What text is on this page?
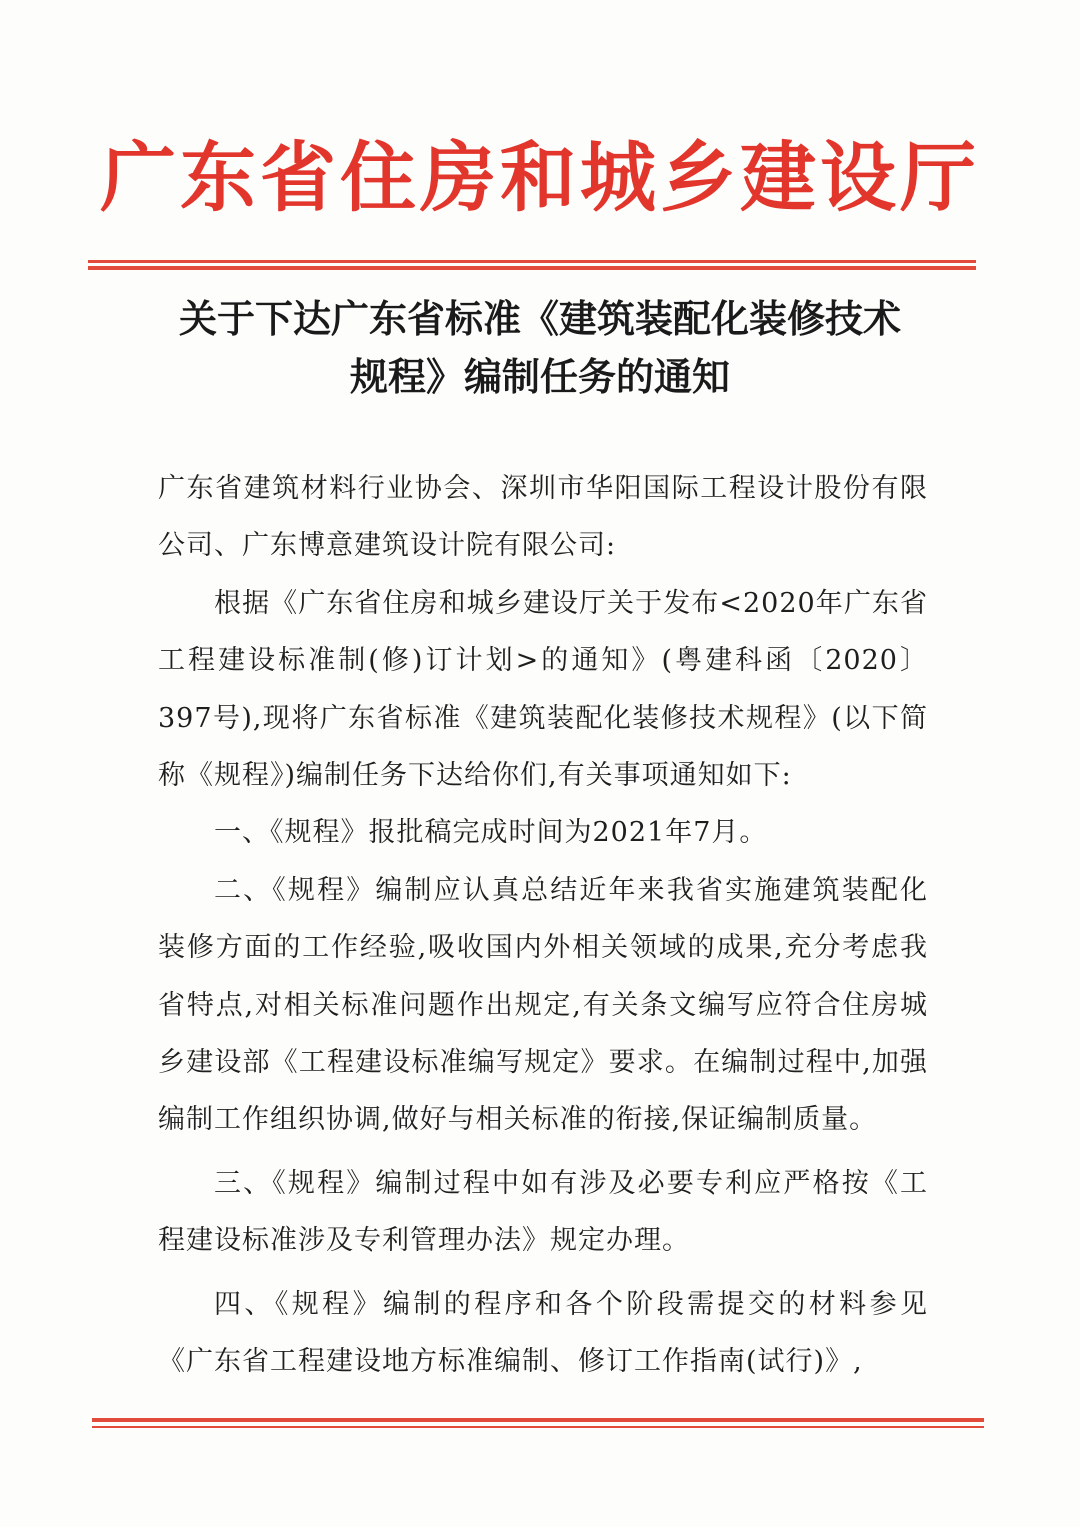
广东省住房和城乡建设厅
关于下达广东省标准《建筑装配化装修技术
规程》编制任务的通知

广东省建筑材料行业协会、深圳市华阳国际工程设计股份有限公司、广东博意建筑设计院有限公司:

根据《广东省住房和城乡建设厅关于发布<2020年广东省工程建设标准制(修)订计划>的通知》(粤建科函〔2020〕397号),现将广东省标准《建筑装配化装修技术规程》(以下简称《规程》)编制任务下达给你们,有关事项通知如下:

一、《规程》报批稿完成时间为2021年7月。

二、《规程》编制应认真总结近年来我省实施建筑装配化装修方面的工作经验,吸收国内外相关领域的成果,充分考虑我省特点,对相关标准问题作出规定,有关条文编写应符合住房城乡建设部《工程建设标准编写规定》要求。在编制过程中,加强编制工作组织协调,做好与相关标准的衔接,保证编制质量。

三、《规程》编制过程中如有涉及必要专利应严格按《工程建设标准涉及专利管理办法》规定办理。

四、《规程》编制的程序和各个阶段需提交的材料参见《广东省工程建设地方标准编制、修订工作指南(试行)》,
